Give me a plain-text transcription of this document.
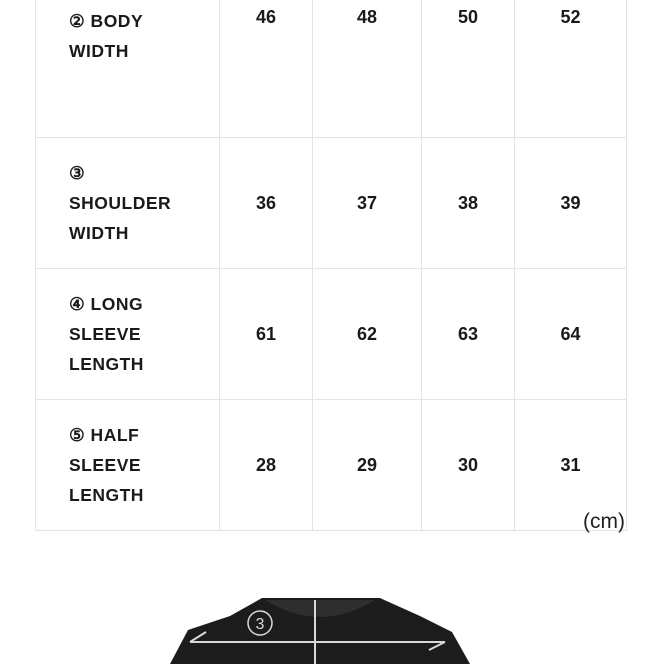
② BODY
WIDTH	46	48	50	52
③
SHOULDER
WIDTH	36	37	38	39
④ LONG
SLEEVE
LENGTH	61	62	63	64
⑤ HALF
SLEEVE
LENGTH	28	29	30	31
(cm)
3
